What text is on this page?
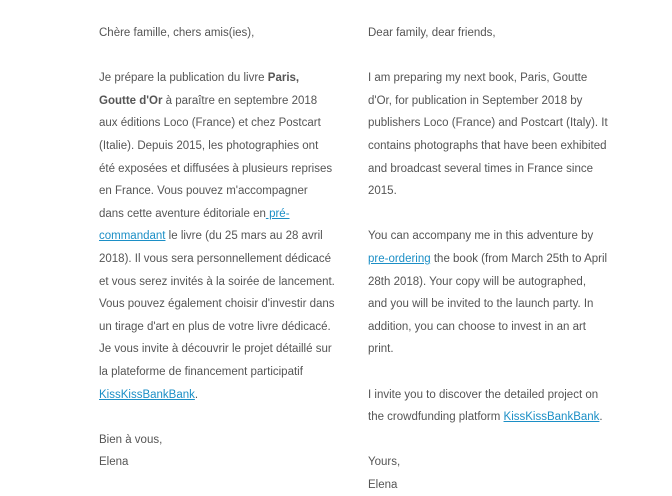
Chère famille, chers amis(ies),

Je prépare la publication du livre Paris, Goutte d'Or à paraître en septembre 2018 aux éditions Loco (France) et chez Postcart (Italie). Depuis 2015, les photographies ont été exposées et diffusées à plusieurs reprises en France. Vous pouvez m'accompagner dans cette aventure éditoriale en pré-commandant le livre (du 25 mars au 28 avril 2018). Il vous sera personnellement dédicacé et vous serez invités à la soirée de lancement. Vous pouvez également choisir d'investir dans un tirage d'art en plus de votre livre dédicacé. Je vous invite à découvrir le projet détaillé sur la plateforme de financement participatif KissKissBankBank.

Bien à vous,
Elena

Dear family, dear friends,

I am preparing my next book, Paris, Goutte d'Or, for publication in September 2018 by publishers Loco (France) and Postcart (Italy). It contains photographs that have been exhibited and broadcast several times in France since 2015.

You can accompany me in this adventure by pre-ordering the book (from March 25th to April 28th 2018). Your copy will be autographed, and you will be invited to the launch party. In addition, you can choose to invest in an art print.

I invite you to discover the detailed project on the crowdfunding platform KissKissBankBank.

Yours,
Elena
